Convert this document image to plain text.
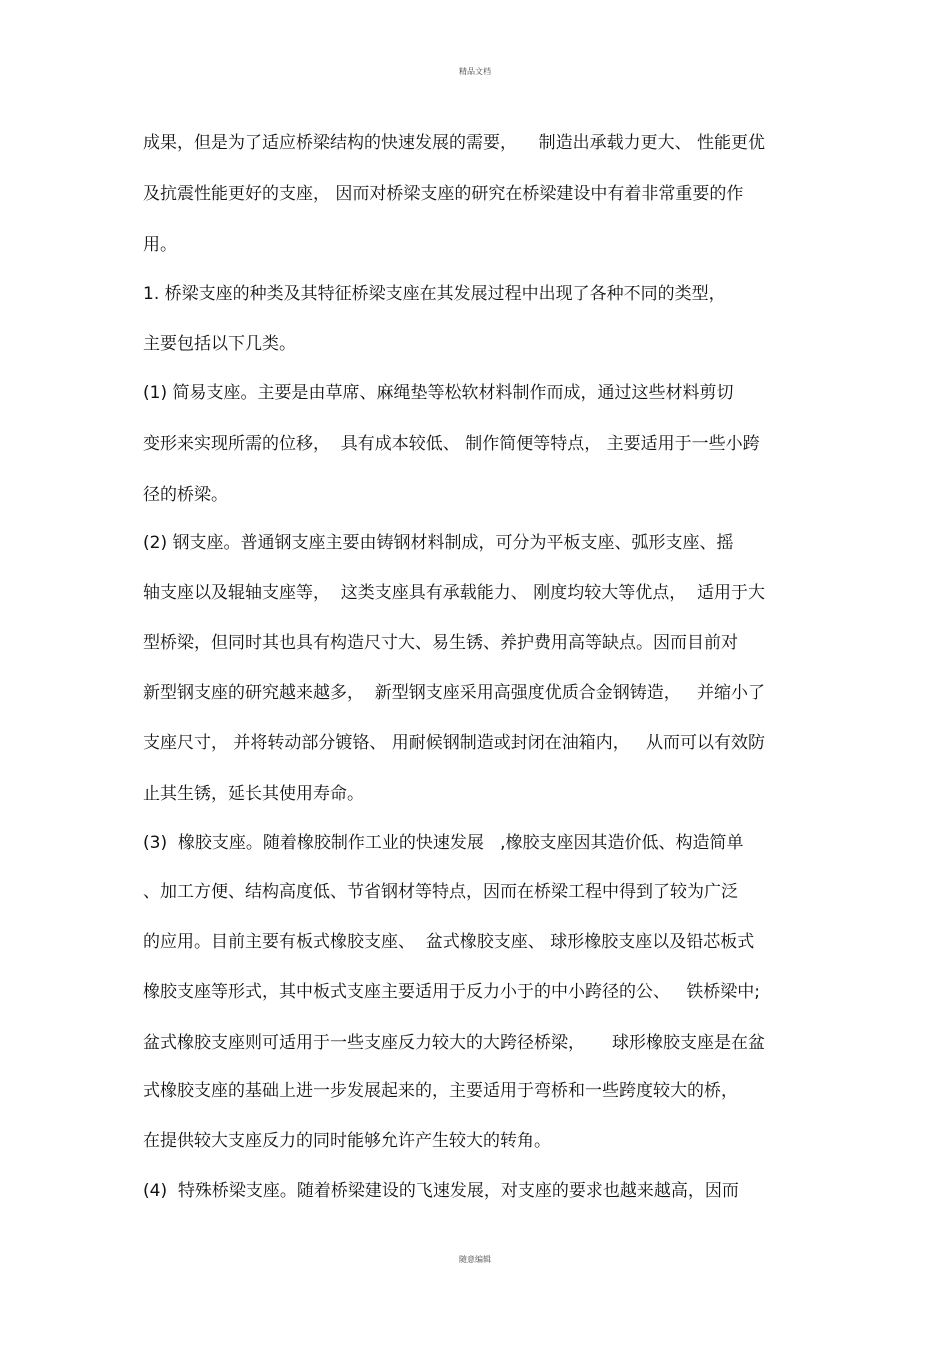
精品文档
成果，但是为了适应桥梁结构的快速发展的需要，    制造出承载力更大、 性能更优
及抗震性能更好的支座， 因而对桥梁支座的研究在桥梁建设中有着非常重要的作
用。
1. 桥梁支座的种类及其特征桥梁支座在其发展过程中出现了各种不同的类型，
主要包括以下几类。
(1) 简易支座。主要是由草席、麻绳垫等松软材料制作而成，通过这些材料剪切
变形来实现所需的位移，  具有成本较低、 制作简便等特点， 主要适用于一些小跨
径的桥梁。
(2) 钢支座。普通钢支座主要由铸钢材料制成，可分为平板支座、弧形支座、摇
轴支座以及辊轴支座等，  这类支座具有承载能力、 刚度均较大等优点，  适用于大
型桥梁，但同时其也具有构造尺寸大、易生锈、养护费用高等缺点。因而目前对
新型钢支座的研究越来越多，  新型钢支座采用高强度优质合金钢铸造，   并缩小了
支座尺寸， 并将转动部分镀铬、 用耐候钢制造或封闭在油箱内，   从而可以有效防
止其生锈，延长其使用寿命。
(3)  橡胶支座。随着橡胶制作工业的快速发展   ,橡胶支座因其造价低、构造简单
、加工方便、结构高度低、节省钢材等特点，因而在桥梁工程中得到了较为广泛
的应用。目前主要有板式橡胶支座、  盆式橡胶支座、 球形橡胶支座以及铅芯板式
橡胶支座等形式，其中板式支座主要适用于反力小于的中小跨径的公、   铁桥梁中;
盆式橡胶支座则可适用于一些支座反力较大的大跨径桥梁，     球形橡胶支座是在盆
式橡胶支座的基础上进一步发展起来的，主要适用于弯桥和一些跨度较大的桥，
在提供较大支座反力的同时能够允许产生较大的转角。
(4)  特殊桥梁支座。随着桥梁建设的飞速发展，对支座的要求也越来越高，因而
随意编辑
